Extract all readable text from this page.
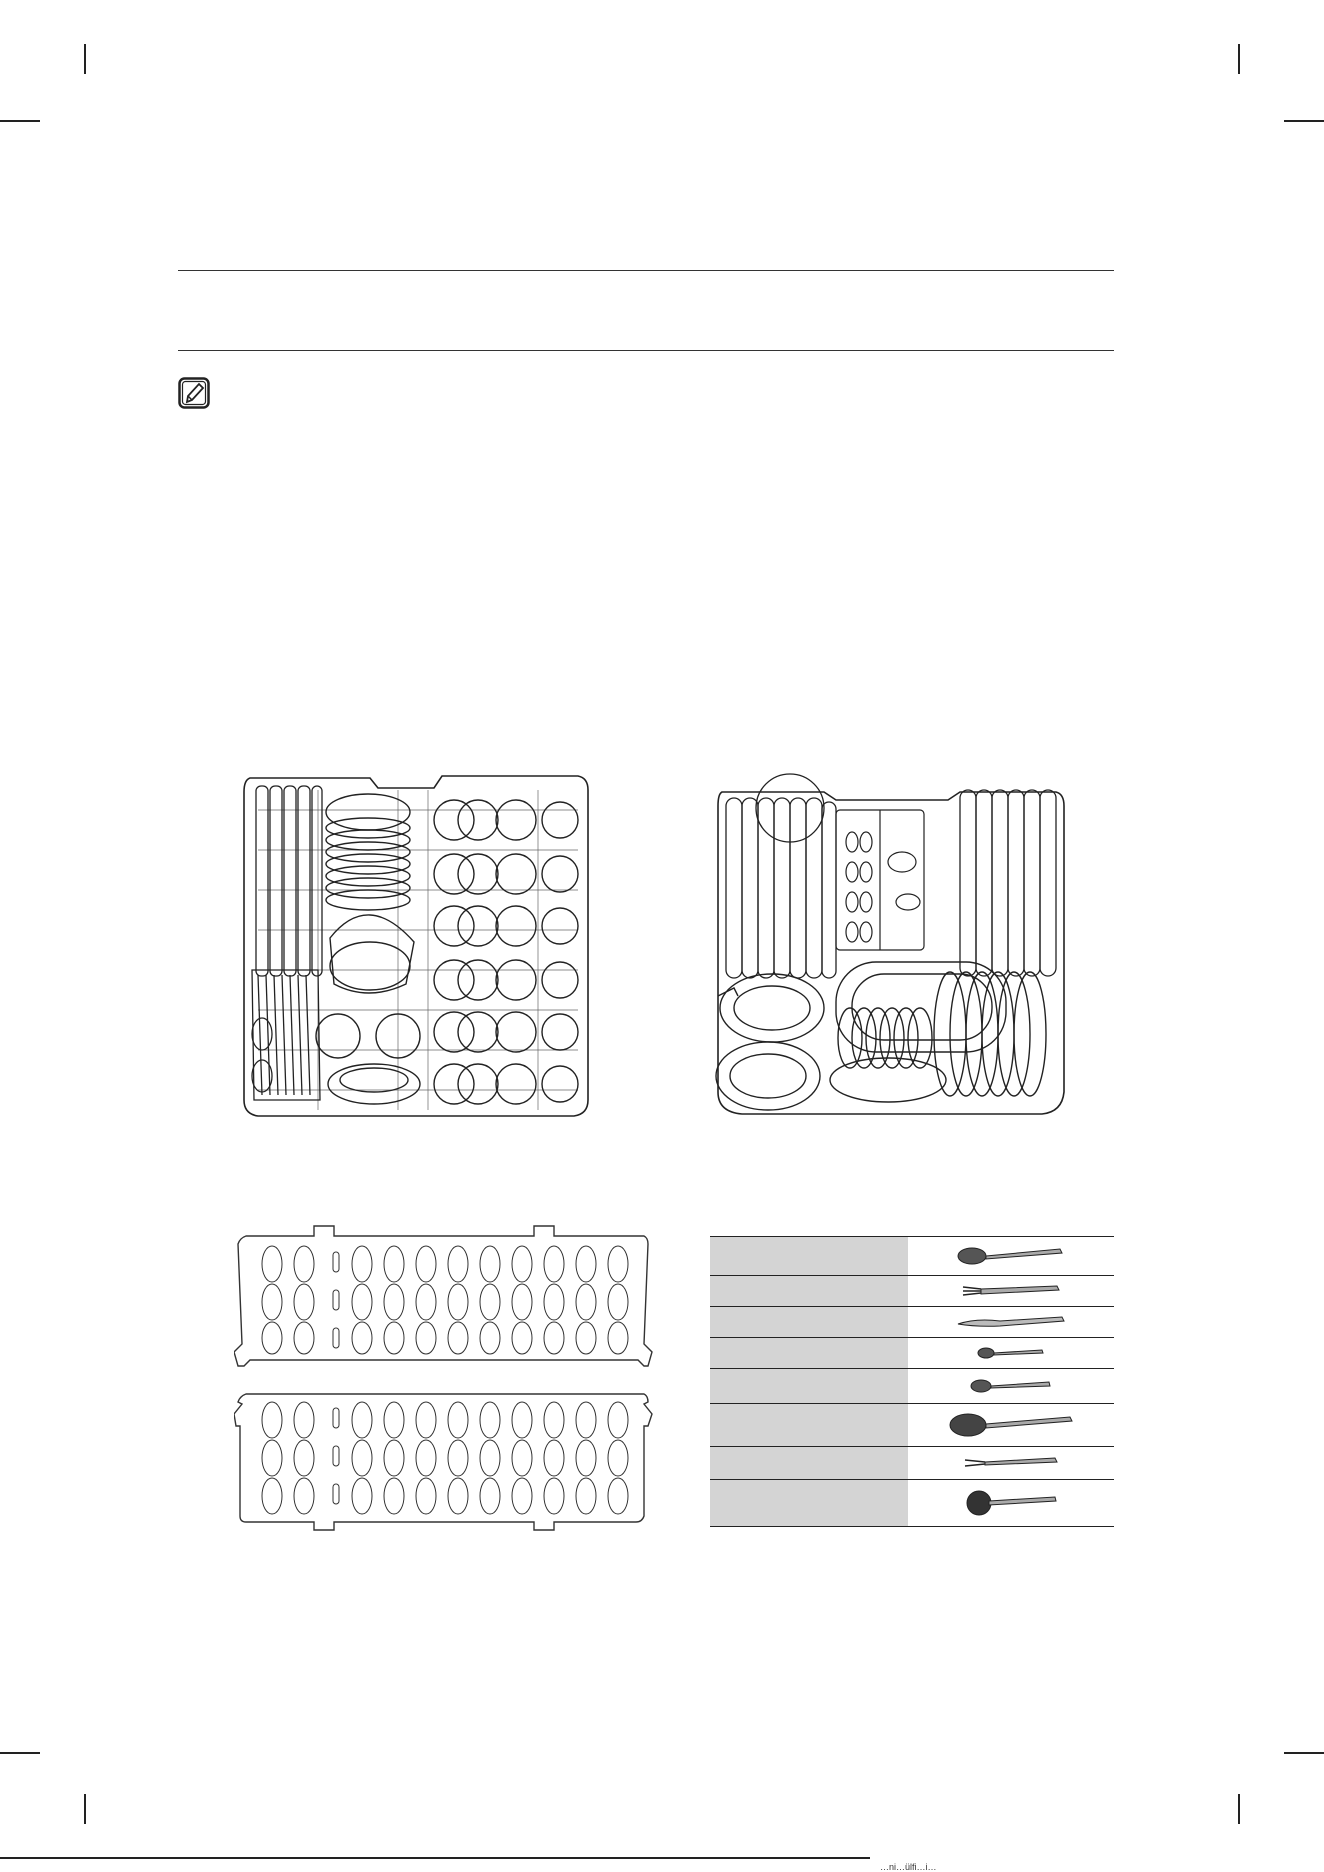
…ni…ülfi…i…
